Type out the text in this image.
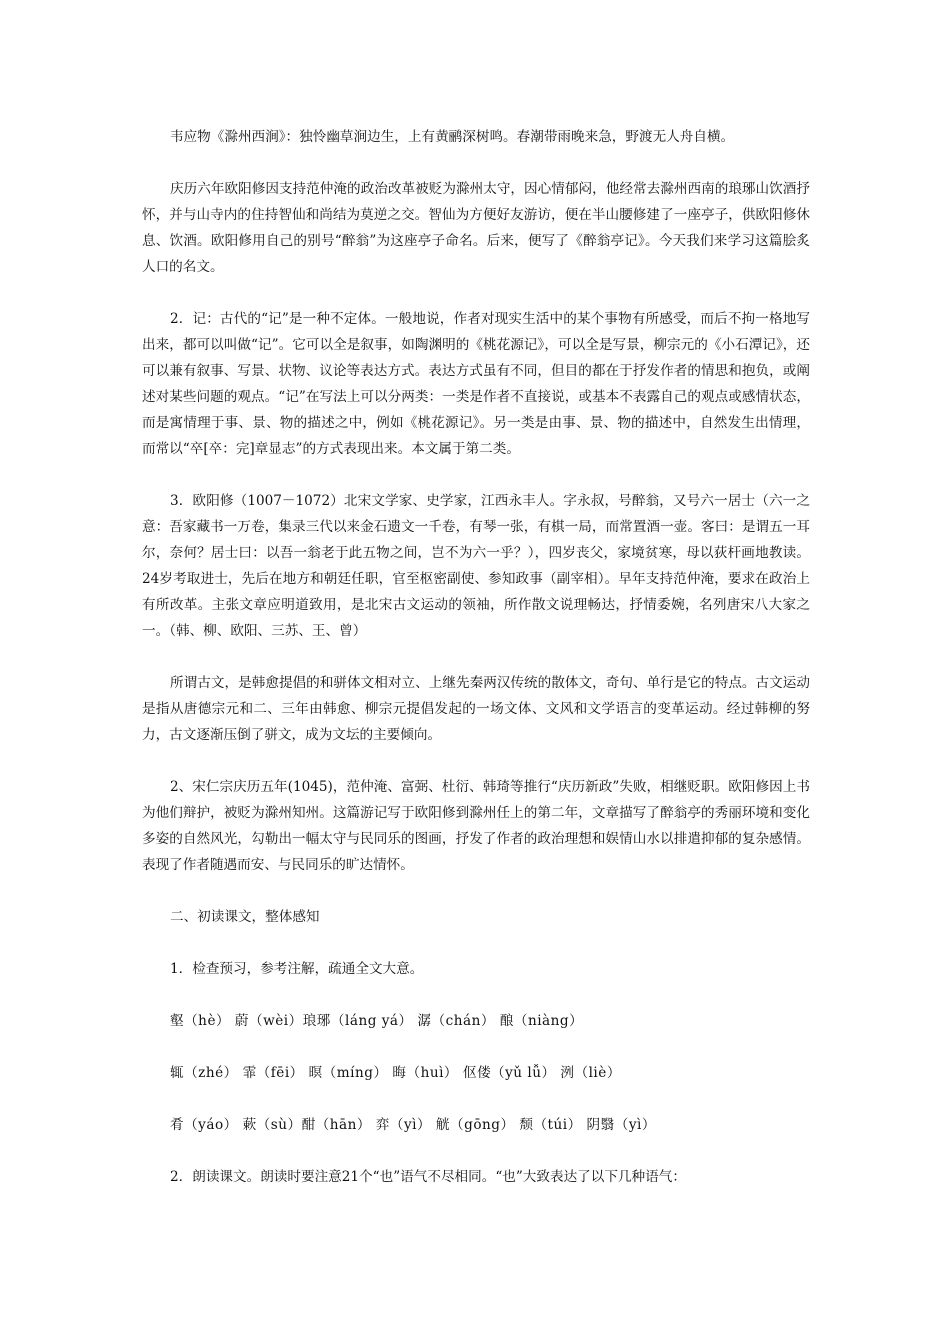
韦应物《滁州西涧》：独怜幽草涧边生，上有黄鹂深树鸣。春潮带雨晚来急，野渡无人舟自横。

庆历六年欧阳修因支持范仲淹的政治改革被贬为滁州太守，因心情郁闷，他经常去滁州西南的琅琊山饮酒抒怀，并与山寺内的住持智仙和尚结为莫逆之交。智仙为方便好友游访，便在半山腰修建了一座亭子，供欧阳修休息、饮酒。欧阳修用自己的别号“醉翁”为这座亭子命名。后来，便写了《醉翁亭记》。今天我们来学习这篇脍炙人口的名文。

2．记：古代的“记”是一种不定体。一般地说，作者对现实生活中的某个事物有所感受，而后不拘一格地写出来，都可以叫做“记”。它可以全是叙事，如陶渊明的《桃花源记》，可以全是写景，柳宗元的《小石潭记》，还可以兼有叙事、写景、状物、议论等表达方式。表达方式虽有不同，但目的都在于抒发作者的情思和抱负，或阐述对某些问题的观点。“记”在写法上可以分两类：一类是作者不直接说，或基本不表露自己的观点或感情状态，而是寓情理于事、景、物的描述之中，例如《桃花源记》。另一类是由事、景、物的描述中，自然发生出情理，而常以“卒[卒：完]章显志”的方式表现出来。本文属于第二类。

3．欧阳修（1007－1072）北宋文学家、史学家，江西永丰人。字永叔，号醉翁，又号六一居士（六一之意：吾家藏书一万卷，集录三代以来金石遗文一千卷，有琴一张，有棋一局，而常置酒一壶。客曰：是谓五一耳尔，奈何？居士曰：以吾一翁老于此五物之间，岂不为六一乎？），四岁丧父，家境贫寒，母以荻杆画地教读。24岁考取进士，先后在地方和朝廷任职，官至枢密副使、参知政事（副宰相）。早年支持范仲淹，要求在政治上有所改革。主张文章应明道致用，是北宋古文运动的领袖，所作散文说理畅达，抒情委婉，名列唐宋八大家之一。（韩、柳、欧阳、三苏、王、曾）

所谓古文，是韩愈提倡的和骈体文相对立、上继先秦两汉传统的散体文，奇句、单行是它的特点。古文运动是指从唐德宗元和二、三年由韩愈、柳宗元提倡发起的一场文体、文风和文学语言的变革运动。经过韩柳的努力，古文逐渐压倒了骈文，成为文坛的主要倾向。

2、宋仁宗庆历五年(1045)，范仲淹、富弼、杜衍、韩琦等推行“庆历新政”失败，相继贬职。欧阳修因上书为他们辩护，被贬为滁州知州。这篇游记写于欧阳修到滁州任上的第二年，文章描写了醉翁亭的秀丽环境和变化多姿的自然风光，勾勒出一幅太守与民同乐的图画，抒发了作者的政治理想和娱情山水以排遣抑郁的复杂感情。表现了作者随遇而安、与民同乐的旷达情怀。

二、初读课文，整体感知

1．检查预习，参考注解，疏通全文大意。

壑（hè） 蔚（wèi）琅琊（láng yá） 潺（chán） 酿（niàng）

辄（zhé） 霏（fēi） 暝（míng） 晦（huì） 伛偻（yǔ lǚ） 洌（liè）

肴（yáo） 蔌（sù）酣（hān） 弈（yì） 觥（gōng） 颓（túi） 阴翳（yì）

2．朗读课文。朗读时要注意21个“也”语气不尽相同。“也”大致表达了以下几种语气：
